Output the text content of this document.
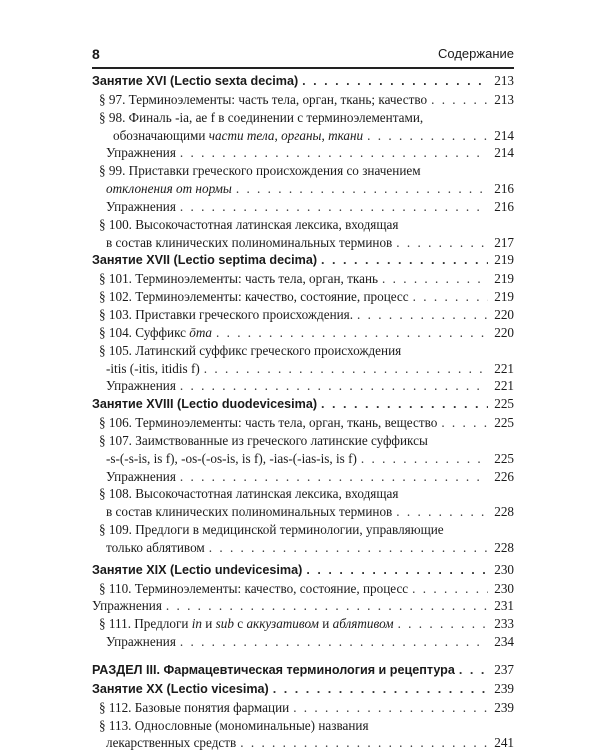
8	Содержание
Занятие XVI (Lectio sexta decima) . . .	213
§ 97. Терминоэлементы: часть тела, орган, ткань; качество . . .	213
§ 98. Финаль -ia, ae f в соединении с терминоэлементами,
обозначающими части тела, органы, ткани . . .	214
Упражнения . . .	214
§ 99. Приставки греческого происхождения со значением
отклонения от нормы . . .	216
Упражнения . . .	216
§ 100. Высокочастотная латинская лексика, входящая
в состав клинических полиноминальных терминов . . .	217
Занятие XVII (Lectio septima decima) . . .	219
§ 101. Терминоэлементы: часть тела, орган, ткань . . .	219
§ 102. Терминоэлементы: качество, состояние, процесс . . .	219
§ 103. Приставки греческого происхождения. . . .	220
§ 104. Суффикс ōma . . .	220
§ 105. Латинский суффикс греческого происхождения
-itis (-itis, itidis f) . . .	221
Упражнения . . .	221
Занятие XVIII (Lectio duodevicesima) . . .	225
§ 106. Терминоэлементы: часть тела, орган, ткань, вещество . . .	225
§ 107. Заимствованные из греческого латинские суффиксы
-s-(-s-is, is f), -os-(-os-is, is f), -ias-(-ias-is, is f) . . .	225
Упражнения . . .	226
§ 108. Высокочастотная латинская лексика, входящая
в состав клинических полиноминальных терминов . . .	228
§ 109. Предлоги в медицинской терминологии, управляющие
только аблятивом . . .	228
Занятие XIX (Lectio undevicesima) . . .	230
§ 110. Терминоэлементы: качество, состояние, процесс . . .	230
Упражнения . . .	231
§ 111. Предлоги in и sub с аккузативом и аблятивом . . .	233
Упражнения . . .	234
РАЗДЕЛ III. Фармацевтическая терминология и рецептура . . .	237
Занятие XX (Lectio vicesima) . . .	239
§ 112. Базовые понятия фармации . . .	239
§ 113. Однословные (мономинальные) названия
лекарственных средств . . .	241
